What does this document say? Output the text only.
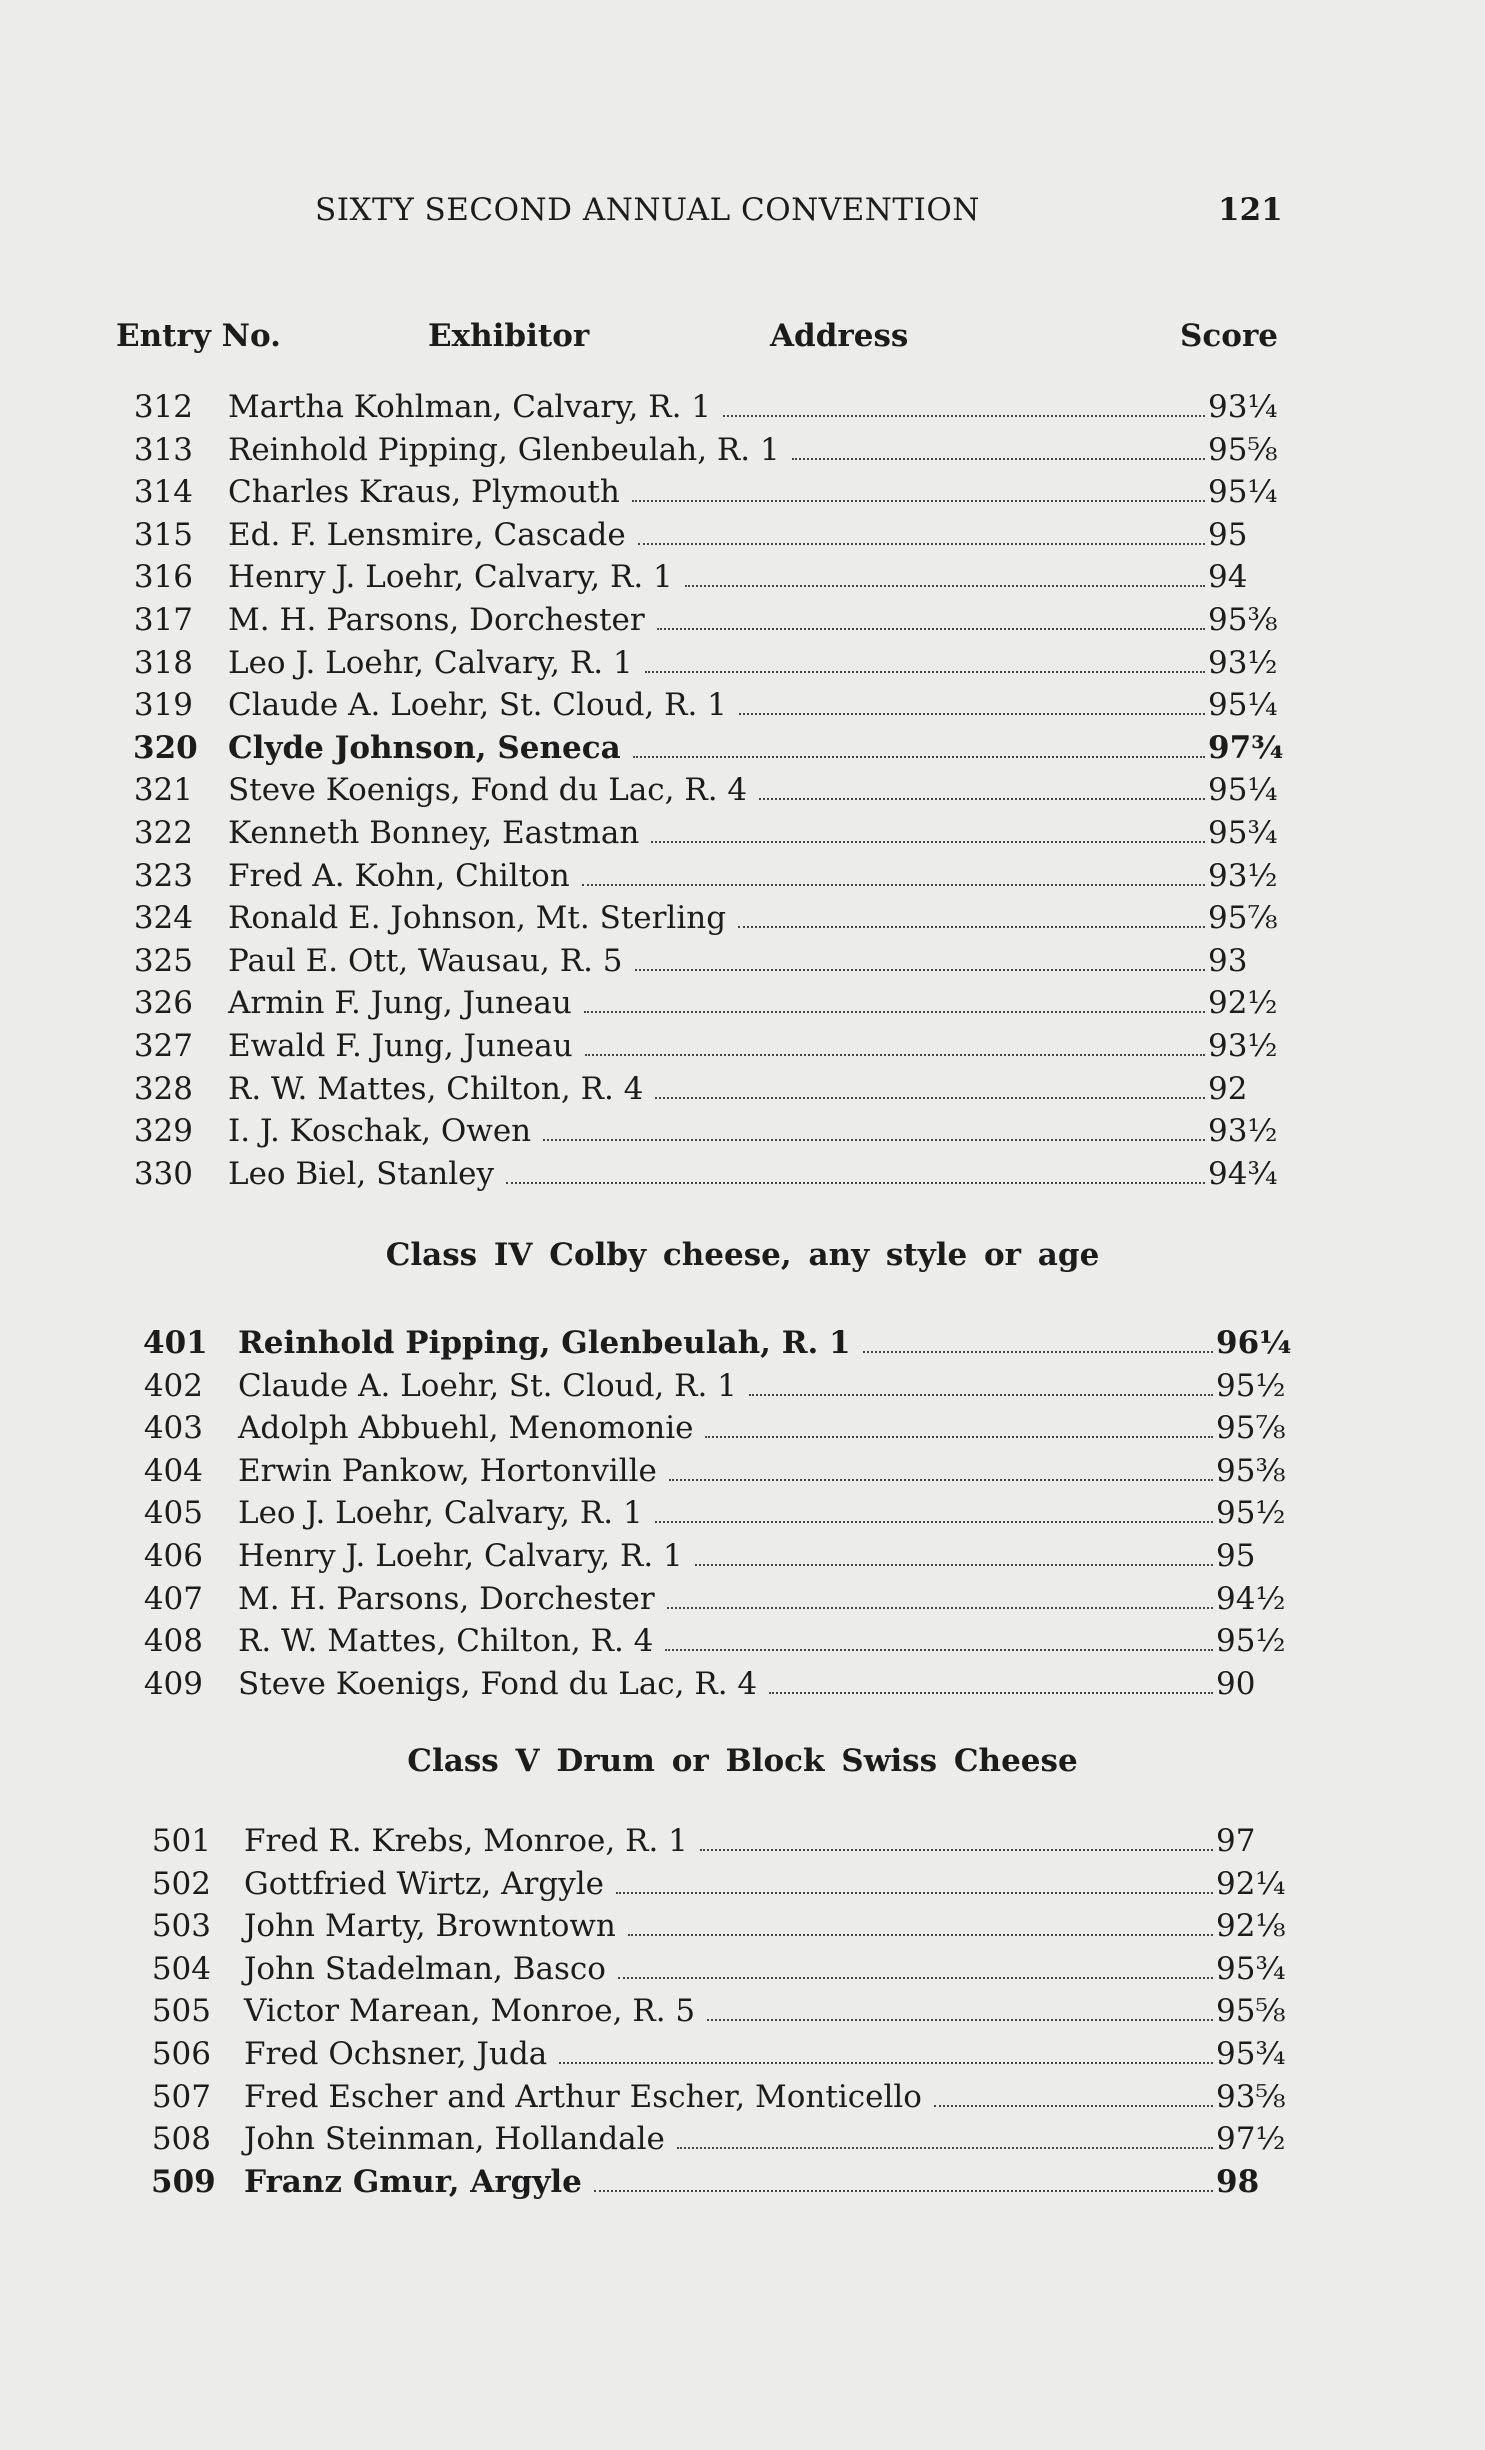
SIXTY SECOND ANNUAL CONVENTION	121
Entry No.	Exhibitor	Address	Score
312 Martha Kohlman, Calvary, R. 1	93¼
313 Reinhold Pipping, Glenbeulah, R. 1	95⅝
314 Charles Kraus, Plymouth	95¼
315 Ed. F. Lensmire, Cascade	95
316 Henry J. Loehr, Calvary, R. 1	94
317 M. H. Parsons, Dorchester	95⅜
318 Leo J. Loehr, Calvary, R. 1	93½
319 Claude A. Loehr, St. Cloud, R. 1	95¼
320 Clyde Johnson, Seneca	97¾
321 Steve Koenigs, Fond du Lac, R. 4	95¼
322 Kenneth Bonney, Eastman	95¾
323 Fred A. Kohn, Chilton	93½
324 Ronald E. Johnson, Mt. Sterling	95⅞
325 Paul E. Ott, Wausau, R. 5	93
326 Armin F. Jung, Juneau	92½
327 Ewald F. Jung, Juneau	93½
328 R. W. Mattes, Chilton, R. 4	92
329 I. J. Koschak, Owen	93½
330 Leo Biel, Stanley	94¾
Class IV Colby cheese, any style or age
401 Reinhold Pipping, Glenbeulah, R. 1	96¼
402 Claude A. Loehr, St. Cloud, R. 1	95½
403 Adolph Abbuehl, Menomonie	95⅞
404 Erwin Pankow, Hortonville	95⅜
405 Leo J. Loehr, Calvary, R. 1	95½
406 Henry J. Loehr, Calvary, R. 1	95
407 M. H. Parsons, Dorchester	94½
408 R. W. Mattes, Chilton, R. 4	95½
409 Steve Koenigs, Fond du Lac, R. 4	90
Class V Drum or Block Swiss Cheese
501 Fred R. Krebs, Monroe, R. 1	97
502 Gottfried Wirtz, Argyle	92¼
503 John Marty, Browntown	92⅛
504 John Stadelman, Basco	95¾
505 Victor Marean, Monroe, R. 5	95⅝
506 Fred Ochsner, Juda	95¾
507 Fred Escher and Arthur Escher, Monticello	93⅝
508 John Steinman, Hollandale	97½
509 Franz Gmur, Argyle	98
